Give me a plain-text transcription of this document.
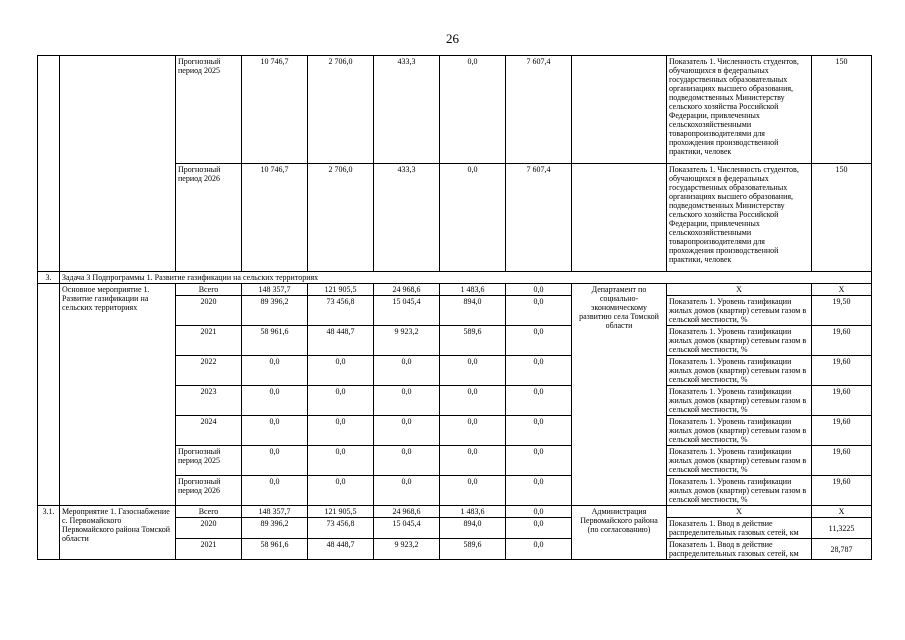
26
		Прогнозный период 2025	10 746,7	2 706,0	433,3	0,0	7 607,4		Показатель 1. Численность студентов, обучающихся в федеральных государственных образовательных организациях высшего образования, подведомственных Министерству сельского хозяйства Российской Федерации, привлеченных сельскохозяйственными товаропроизводителями для прохождения производственной практики, человек	150
		Прогнозный период 2026	10 746,7	2 706,0	433,3	0,0	7 607,4		Показатель 1. Численность студентов, обучающихся в федеральных государственных образовательных организациях высшего образования, подведомственных Министерству сельского хозяйства Российской Федерации, привлеченных сельскохозяйственными товаропроизводителями для прохождения производственной практики, человек	150
3.	Задача 3 Подпрограммы 1. Развитие газификации на сельских территориях									
	Основное мероприятие 1. Развитие газификации на сельских территориях	Всего	148 357,7	121 905,5	24 968,6	1 483,6	0,0	Департамент по социально-экономическому развитию села Томской области	X	X
		2020	89 396,2	73 456,8	15 045,4	894,0	0,0		Показатель 1. Уровень газификации жилых домов (квартир) сетевым газом в сельской местности, %	19,50
		2021	58 961,6	48 448,7	9 923,2	589,6	0,0		Показатель 1. Уровень газификации жилых домов (квартир) сетевым газом в сельской местности, %	19,60
		2022	0,0	0,0	0,0	0,0	0,0		Показатель 1. Уровень газификации жилых домов (квартир) сетевым газом в сельской местности, %	19,60
		2023	0,0	0,0	0,0	0,0	0,0		Показатель 1. Уровень газификации жилых домов (квартир) сетевым газом в сельской местности, %	19,60
		2024	0,0	0,0	0,0	0,0	0,0		Показатель 1. Уровень газификации жилых домов (квартир) сетевым газом в сельской местности, %	19,60
		Прогнозный период 2025	0,0	0,0	0,0	0,0	0,0		Показатель 1. Уровень газификации жилых домов (квартир) сетевым газом в сельской местности, %	19,60
		Прогнозный период 2026	0,0	0,0	0,0	0,0	0,0		Показатель 1. Уровень газификации жилых домов (квартир) сетевым газом в сельской местности, %	19,60
3.1.	Мероприятие 1. Газоснабжение с. Первомайского Первомайского района Томской области	Всего	148 357,7	121 905,5	24 968,6	1 483,6	0,0	Администрация Первомайского района (по согласованию)	X	X
		2020	89 396,2	73 456,8	15 045,4	894,0	0,0		Показатель 1. Ввод в действие распределительных газовых сетей, км	11,3225
		2021	58 961,6	48 448,7	9 923,2	589,6	0,0		Показатель 1. Ввод в действие распределительных газовых сетей, км	28,787
